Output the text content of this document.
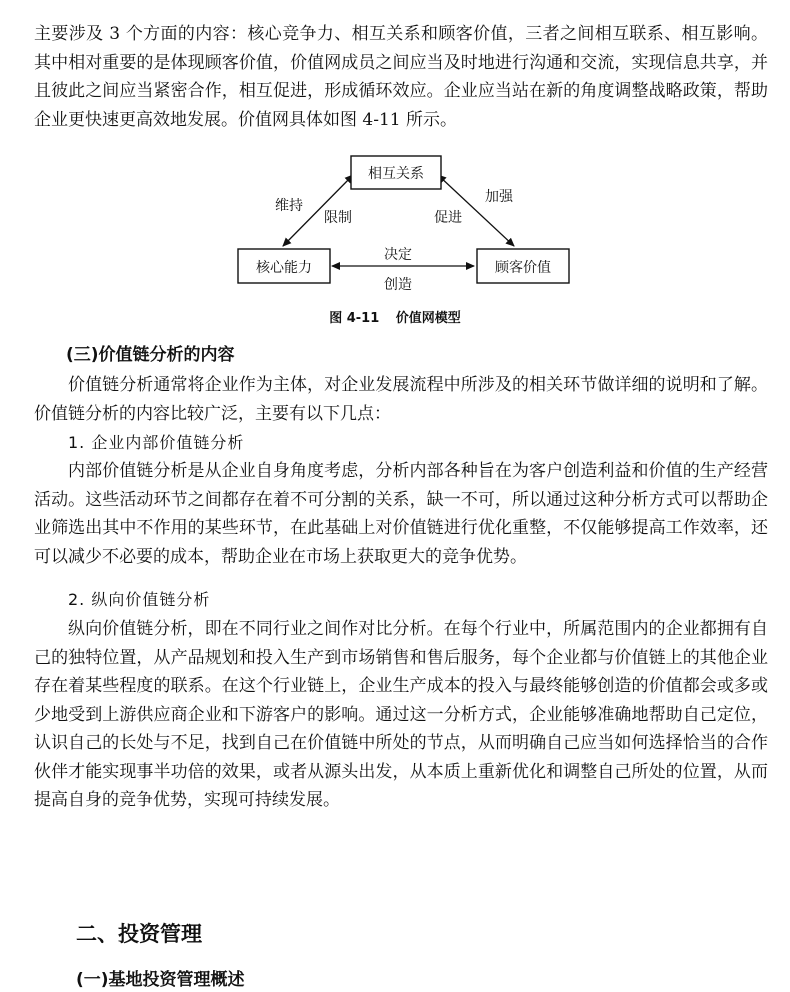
主要涉及 3 个方面的内容：核心竞争力、相互关系和顾客价值，三者之间相互联系、相互影响。其中相对重要的是体现顾客价值，价值网成员之间应当及时地进行沟通和交流，实现信息共享，并且彼此之间应当紧密合作，相互促进，形成循环效应。企业应当站在新的角度调整战略政策，帮助企业更快速更高效地发展。价值网具体如图 4-11 所示。

相互关系
核心能力	顾客价值
维持
限制
加强
促进
决定
创造

图 4-11 价值网模型

(三)价值链分析的内容

价值链分析通常将企业作为主体，对企业发展流程中所涉及的相关环节做详细的说明和了解。价值链分析的内容比较广泛，主要有以下几点：

1. 企业内部价值链分析

内部价值链分析是从企业自身角度考虑，分析内部各种旨在为客户创造利益和价值的生产经营活动。这些活动环节之间都存在着不可分割的关系，缺一不可，所以通过这种分析方式可以帮助企业筛选出其中不作用的某些环节，在此基础上对价值链进行优化重整，不仅能够提高工作效率，还可以减少不必要的成本，帮助企业在市场上获取更大的竞争优势。

2. 纵向价值链分析

纵向价值链分析，即在不同行业之间作对比分析。在每个行业中，所属范围内的企业都拥有自己的独特位置，从产品规划和投入生产到市场销售和售后服务，每个企业都与价值链上的其他企业存在着某些程度的联系。在这个行业链上，企业生产成本的投入与最终能够创造的价值都会或多或少地受到上游供应商企业和下游客户的影响。通过这一分析方式，企业能够准确地帮助自己定位，认识自己的长处与不足，找到自己在价值链中所处的节点，从而明确自己应当如何选择恰当的合作伙伴才能实现事半功倍的效果，或者从源头出发，从本质上重新优化和调整自己所处的位置，从而提高自身的竞争优势，实现可持续发展。

二、投资管理

(一)基地投资管理概述
